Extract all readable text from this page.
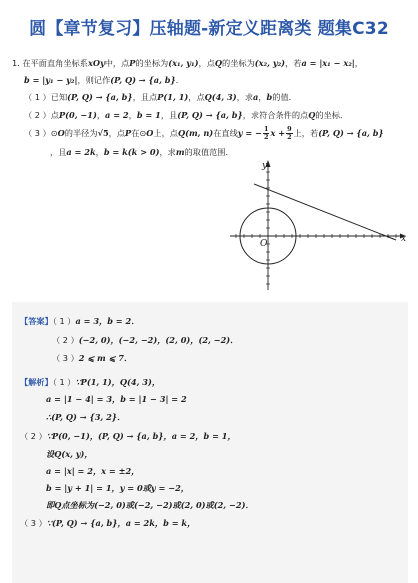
圆【章节复习】压轴题-新定义距离类 题集C32
1. 在平面直角坐标系xOy中，点P的坐标为(x₁, y₁)，点Q的坐标为(x₂, y₂)，若a = |x₁ − x₂|，
b = |y₁ − y₂|，则记作(P, Q) → {a, b}．
（ 1 ）已知(P, Q) → {a, b}，且点P(1, 1)，点Q(4, 3)，求a，b的值．
（ 2 ）点P(0, −1)，a = 2，b = 1，且(P, Q) → {a, b}，求符合条件的点Q的坐标．
（ 3 ）⊙O的半径为√5，点P在⊙O上，点Q(m, n)在直线y = − $\frac{1}{2}$ $x + \frac{9}{2}$ 上，若(P, Q) → {a, b}
，且a = 2k，b = k(k > 0)，求m的取值范围．
y
x
O
【答案】（ 1 ）a = 3，b = 2．
（ 2 ）(−2, 0)，(−2, −2)，(2, 0)，(2, −2)．
（ 3 ）2 ⩽ m ⩽ 7．
【解析】（ 1 ）∵P(1, 1)，Q(4, 3)，
a = |1 − 4| = 3，b = |1 − 3| = 2
∴(P, Q) → {3, 2}．
（ 2 ）∵P(0, −1)，(P, Q) → {a, b}，a = 2，b = 1，
设Q(x, y)，
a = |x| = 2，x = ±2，
b = |y + 1| = 1，y = 0或y = −2，
即Q点坐标为(−2, 0)或(−2, −2)或(2, 0)或(2, −2)．
（ 3 ）∵(P, Q) → {a, b}，a = 2k，b = k，
